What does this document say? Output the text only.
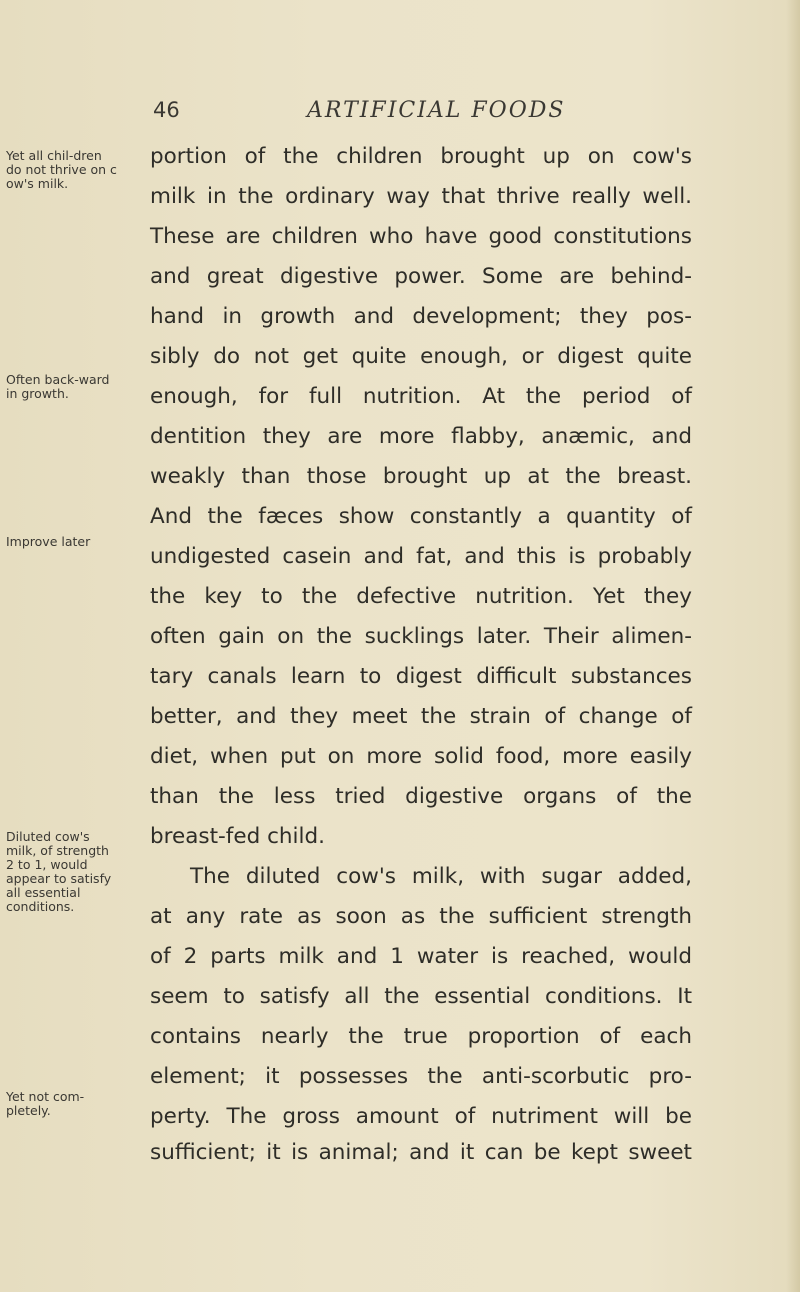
46	ARTIFICIAL FOODS
Yet all chil-dren do not thrive on c ow's milk.
Often back-ward in growth.
Improve later
Diluted cow's milk, of strength 2 to 1, would appear to satisfy all essential conditions.
Yet not com-pletely.
portion of the children brought up on cow's
milk in the ordinary way that thrive really well.
These are children who have good constitutions
and great digestive power. Some are behind-
hand in growth and development; they pos-
sibly do not get quite enough, or digest quite
enough, for full nutrition. At the period of
dentition they are more flabby, anæmic, and
weakly than those brought up at the breast.
And the fæces show constantly a quantity of
undigested casein and fat, and this is probably
the key to the defective nutrition. Yet they
often gain on the sucklings later. Their alimen-
tary canals learn to digest difficult substances
better, and they meet the strain of change of
diet, when put on more solid food, more easily
than the less tried digestive organs of the
breast-fed child.
The diluted cow's milk, with sugar added,
at any rate as soon as the sufficient strength
of 2 parts milk and 1 water is reached, would
seem to satisfy all the essential conditions. It
contains nearly the true proportion of each
element; it possesses the anti-scorbutic pro-
perty. The gross amount of nutriment will be
sufficient; it is animal; and it can be kept sweet
